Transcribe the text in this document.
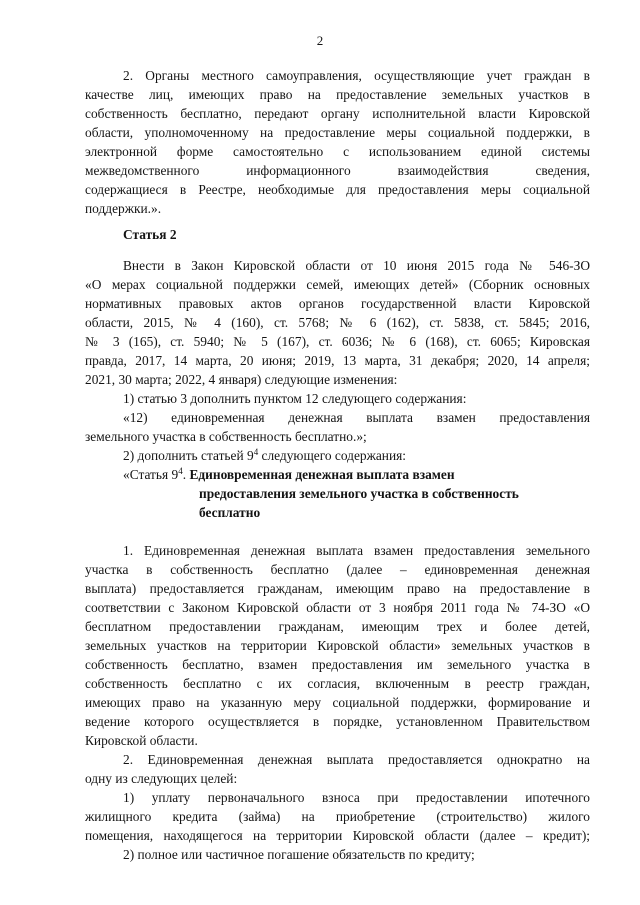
2
2. Органы местного самоуправления, осуществляющие учет граждан в
качестве лиц, имеющих право на предоставление земельных участков в
собственность бесплатно, передают органу исполнительной власти Кировской
области, уполномоченному на предоставление меры социальной поддержки, в
электронной форме самостоятельно с использованием единой системы
межведомственного информационного взаимодействия сведения,
содержащиеся в Реестре, необходимые для предоставления меры социальной
поддержки.».
Статья 2
Внести в Закон Кировской области от 10 июня 2015 года № 546-ЗО
«О мерах социальной поддержки семей, имеющих детей» (Сборник основных
нормативных правовых актов органов государственной власти Кировской
области, 2015, № 4 (160), ст. 5768; № 6 (162), ст. 5838, ст. 5845; 2016,
№ 3 (165), ст. 5940; № 5 (167), ст. 6036; № 6 (168), ст. 6065; Кировская
правда, 2017, 14 марта, 20 июня; 2019, 13 марта, 31 декабря; 2020, 14 апреля;
2021, 30 марта; 2022, 4 января) следующие изменения:
1) статью 3 дополнить пунктом 12 следующего содержания:
«12) единовременная денежная выплата взамен предоставления
земельного участка в собственность бесплатно.»;
2) дополнить статьей $9^4$ следующего содержания:
«Статья $9^4$. Единовременная денежная выплата взамен
предоставления земельного участка в собственность
бесплатно
1. Единовременная денежная выплата взамен предоставления земельного
участка в собственность бесплатно (далее – единовременная денежная
выплата) предоставляется гражданам, имеющим право на предоставление в
соответствии с Законом Кировской области от 3 ноября 2011 года № 74-ЗО «О
бесплатном предоставлении гражданам, имеющим трех и более детей,
земельных участков на территории Кировской области» земельных участков в
собственность бесплатно, взамен предоставления им земельного участка в
собственность бесплатно с их согласия, включенным в реестр граждан,
имеющих право на указанную меру социальной поддержки, формирование и
ведение которого осуществляется в порядке, установленном Правительством
Кировской области.
2. Единовременная денежная выплата предоставляется однократно на
одну из следующих целей:
1) уплату первоначального взноса при предоставлении ипотечного
жилищного кредита (займа) на приобретение (строительство) жилого
помещения, находящегося на территории Кировской области (далее – кредит);
2) полное или частичное погашение обязательств по кредиту;
